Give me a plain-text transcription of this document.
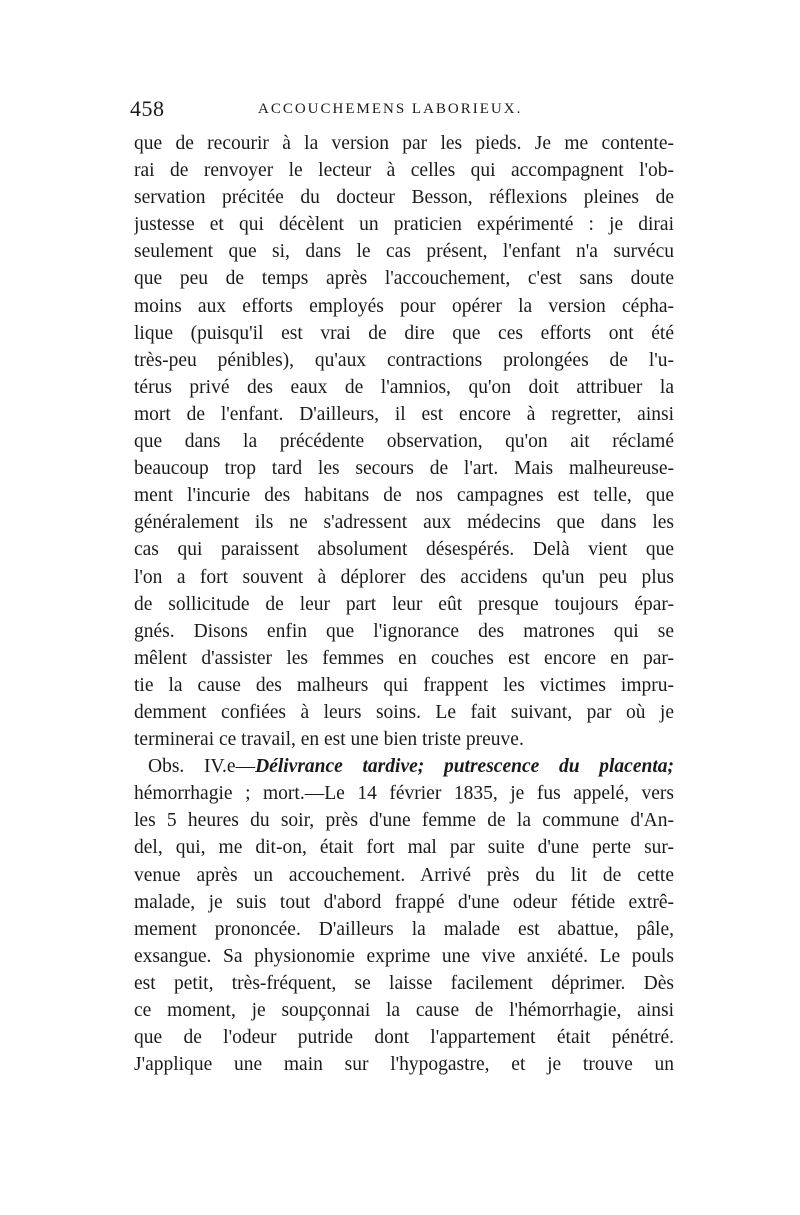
458	ACCOUCHEMENS LABORIEUX.
que de recourir à la version par les pieds. Je me contente-
rai de renvoyer le lecteur à celles qui accompagnent l'ob-
servation précitée du docteur Besson, réflexions pleines de
justesse et qui décèlent un praticien expérimenté : je dirai
seulement que si, dans le cas présent, l'enfant n'a survécu
que peu de temps après l'accouchement, c'est sans doute
moins aux efforts employés pour opérer la version cépha-
lique (puisqu'il est vrai de dire que ces efforts ont été
très-peu pénibles), qu'aux contractions prolongées de l'u-
térus privé des eaux de l'amnios, qu'on doit attribuer la
mort de l'enfant. D'ailleurs, il est encore à regretter, ainsi
que dans la précédente observation, qu'on ait réclamé
beaucoup trop tard les secours de l'art. Mais malheureuse-
ment l'incurie des habitans de nos campagnes est telle, que
généralement ils ne s'adressent aux médecins que dans les
cas qui paraissent absolument désespérés. Delà vient que
l'on a fort souvent à déplorer des accidens qu'un peu plus
de sollicitude de leur part leur eût presque toujours épar-
gnés. Disons enfin que l'ignorance des matrones qui se
mêlent d'assister les femmes en couches est encore en par-
tie la cause des malheurs qui frappent les victimes impru-
demment confiées à leurs soins. Le fait suivant, par où je
terminerai ce travail, en est une bien triste preuve.
Obs. IV.e—Délivrance tardive; putrescence du placenta;
hémorrhagie ; mort.—Le 14 février 1835, je fus appelé, vers
les 5 heures du soir, près d'une femme de la commune d'An-
del, qui, me dit-on, était fort mal par suite d'une perte sur-
venue après un accouchement. Arrivé près du lit de cette
malade, je suis tout d'abord frappé d'une odeur fétide extrê-
mement prononcée. D'ailleurs la malade est abattue, pâle,
exsangue. Sa physionomie exprime une vive anxiété. Le pouls
est petit, très-fréquent, se laisse facilement déprimer. Dès
ce moment, je soupçonnai la cause de l'hémorrhagie, ainsi
que de l'odeur putride dont l'appartement était pénétré.
J'applique une main sur l'hypogastre, et je trouve un
